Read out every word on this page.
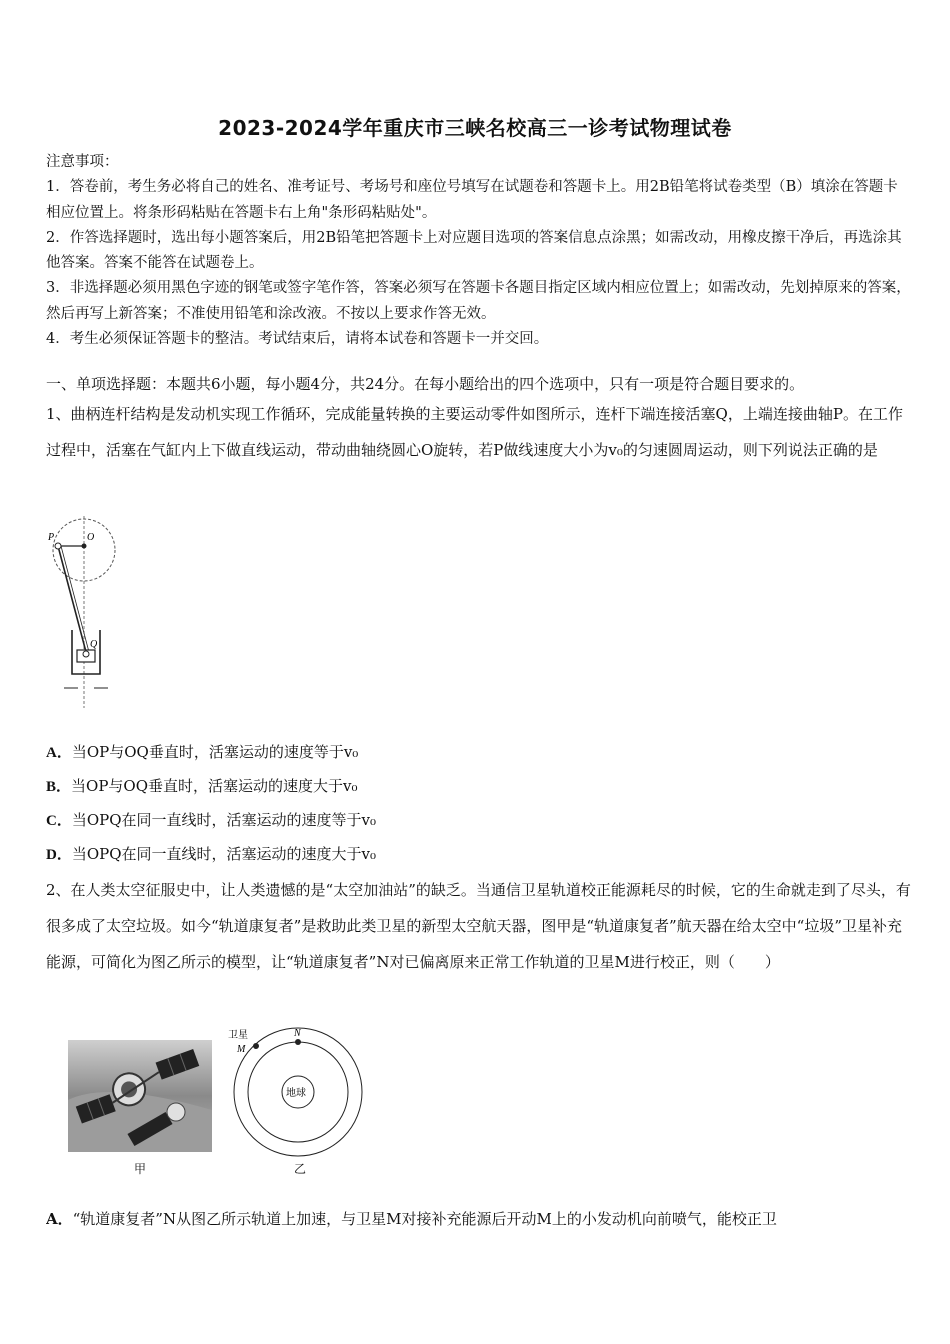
2023-2024学年重庆市三峡名校高三一诊考试物理试卷

注意事项：

1．答卷前，考生务必将自己的姓名、准考证号、考场号和座位号填写在试题卷和答题卡上。用2B铅笔将试卷类型（B）填涂在答题卡相应位置上。将条形码粘贴在答题卡右上角"条形码粘贴处"。

2．作答选择题时，选出每小题答案后，用2B铅笔把答题卡上对应题目选项的答案信息点涂黑；如需改动，用橡皮擦干净后，再选涂其他答案。答案不能答在试题卷上。

3．非选择题必须用黑色字迹的钢笔或签字笔作答，答案必须写在答题卡各题目指定区域内相应位置上；如需改动，先划掉原来的答案，然后再写上新答案；不准使用铅笔和涂改液。不按以上要求作答无效。

4．考生必须保证答题卡的整洁。考试结束后，请将本试卷和答题卡一并交回。

一、单项选择题：本题共6小题，每小题4分，共24分。在每小题给出的四个选项中，只有一项是符合题目要求的。
1、曲柄连杆结构是发动机实现工作循环，完成能量转换的主要运动零件如图所示，连杆下端连接活塞Q，上端连接曲轴P。在工作过程中，活塞在气缸内上下做直线运动，带动曲轴绕圆心O旋转，若P做线速度大小为v₀的匀速圆周运动，则下列说法正确的是
P	O
Q
A．当OP与OQ垂直时，活塞运动的速度等于v₀
B．当OP与OQ垂直时，活塞运动的速度大于v₀
C．当OPQ在同一直线时，活塞运动的速度等于v₀
D．当OPQ在同一直线时，活塞运动的速度大于v₀
2、在人类太空征服史中，让人类遗憾的是“太空加油站”的缺乏。当通信卫星轨道校正能源耗尽的时候，它的生命就走到了尽头，有很多成了太空垃圾。如今“轨道康复者”是救助此类卫星的新型太空航天器，图甲是“轨道康复者”航天器在给太空中“垃圾”卫星补充能源，可简化为图乙所示的模型，让“轨道康复者”N对已偏离原来正常工作轨道的卫星M进行校正，则（　　）
甲
地球
卫星
M
N
乙
A．“轨道康复者”N从图乙所示轨道上加速，与卫星M对接补充能源后开动M上的小发动机向前喷气，能校正卫
